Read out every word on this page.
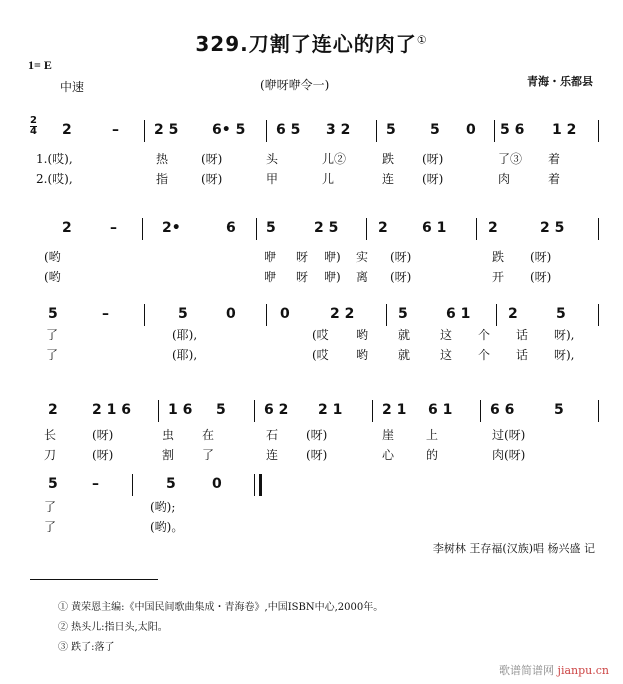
329.刀割了连心的肉了①
1= E
中速	(咿呀咿令一)	青海・乐都县
2
4 2	–	2 5 6• 5 6 5 3 2	5 5 0 5 6 1 2
1.(哎),	热	(呀)	头	儿②	跌 (呀)	了③ 着
2.(哎),	指	(呀)	甲	儿	连 (呀)	肉	着
2	–	2•	6 5	2 5	2 6 1	2	2 5
(哟	咿 呀 咿) 实 (呀)	跌 (呀)
(哟	咿 呀 咿) 离 (呀)	开 (呀)
5	–	5	0	0	2 2	5	6 1	2	5
了	(耶),	(哎 哟 就 这 个 话 呀),
了	(耶),	(哎 哟 就 这 个 话 呀),
2 2 1 6	1 6 5	6 2 2 1	2 1 6 1	6 6	5
长	(呀)	虫 在	石 (呀)	崖	上	过(呀)
刀	(呀)	割 了	连 (呀)	心	的	肉(呀)
5 –	5	0
了	(哟);
了	(哟)。
李树林 王存福(汉族)唱 杨兴盛 记
① 黄荣恩主编:《中国民间歌曲集成・青海卷》,中国ISBN中心,2000年。
② 热头儿:指日头,太阳。
③ 跌了:落了
歌谱简谱网 jianpu.cn
